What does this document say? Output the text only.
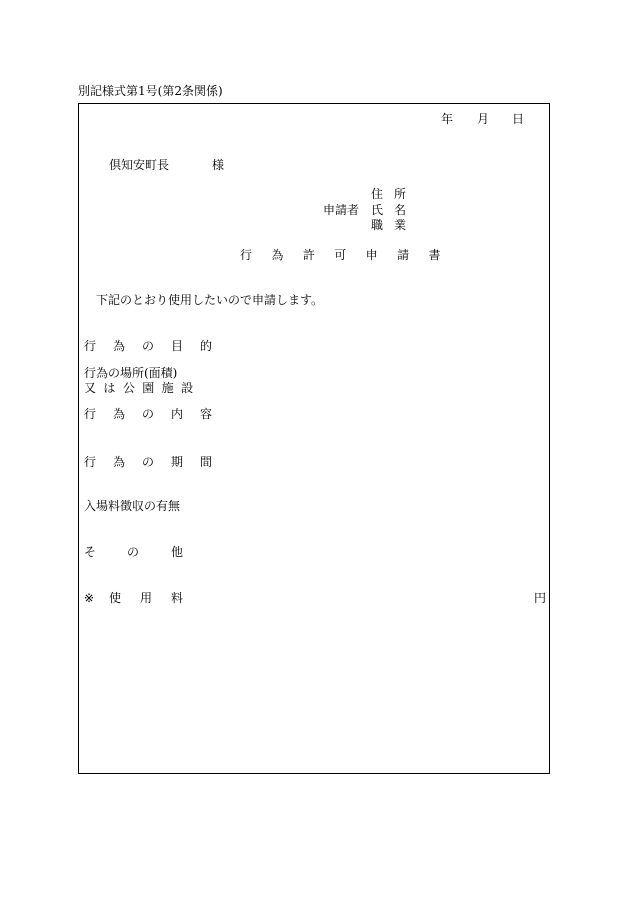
別記様式第1号(第2条関係)
年 月 日
倶知安町長	様
住 所
申請者 氏 名
職 業
行 為 許 可 申 請 書
下記のとおり使用したいので申請します。
行 為 の 目 的
行為の場所(面積)
又 は 公 園 施 設
行 為 の 内 容
行 為 の 期 間
入場料徴収の有無
そ	の	他
※ 使 用 料	円
